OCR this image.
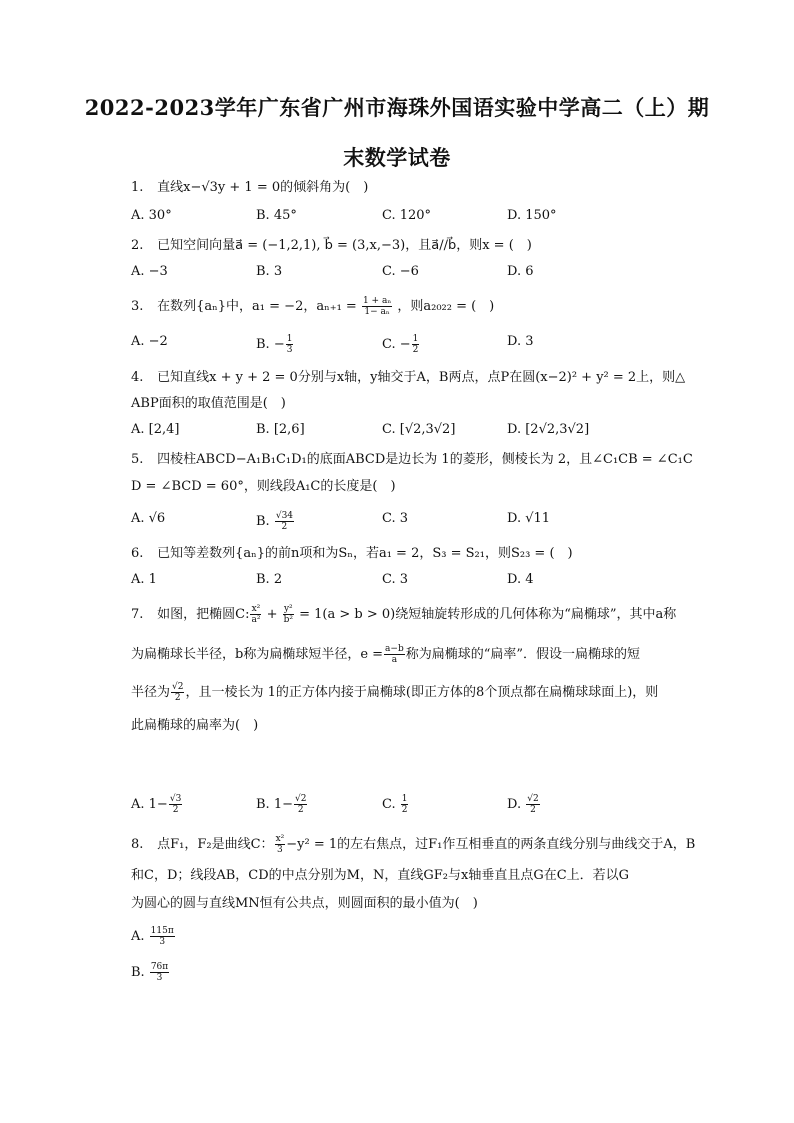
2022-2023学年广东省广州市海珠外国语实验中学高二（上）期
末数学试卷
1. 直线x−√3y + 1 = 0的倾斜角为(　)
A. 30°	B. 45°	C. 120°	D. 150°
2. 已知空间向量a⃗ = (−1,2,1), b⃗ = (3,x,−3)，且a⃗//b⃗，则x = (　)
A. −3	B. 3	C. −6	D. 6
3. 在数列{aₙ}中，a₁ = −2，$a_{n+1} = \frac{\text{1 + aₙ}}{\text{1− aₙ}}$ ，则a₂₀₂₂ = (　)
A. −2	B. − $\frac{1}{3}$	C. − $\frac{1}{2}$	D. 3
4. 已知直线x + y + 2 = 0分别与x轴，y轴交于A，B两点，点P在圆(x−2)² + y² = 2上，则△
ABP面积的取值范围是(　)
A. [2,4]	B. [2,6]	C. [√2,3√2]	D. [2√2,3√2]
5. 四棱柱ABCD−A₁B₁C₁D₁的底面ABCD是边长为 1的菱形，侧棱长为 2，且∠C₁CB = ∠C₁C
D = ∠BCD = 60°，则线段A₁C的长度是(　)
A. √6	B. $\frac{√34}{2}$	C. 3	D. √11
6. 已知等差数列{aₙ}的前n项和为Sₙ，若a₁ = 2，S₃ = S₂₁，则S₂₃ = (　)
A. 1	B. 2	C. 3	D. 4
7. 如图，把椭圆C: $\frac{\text{x²}}{\text{a²}} + \frac{\text{y²}}{\text{b²}} = 1(a > b > 0)$绕短轴旋转形成的几何体称为“扁椭球”，其中a称
为扁椭球长半径，b称为扁椭球短半径，$e = \frac{a-b}{a}$ 称为扁椭球的“扁率”．假设一扁椭球的短
半径为 $\frac{√2}{2}$ ，且一棱长为 1的正方体内接于扁椭球(即正方体的8个顶点都在扁椭球球面上)，则
此扁椭球的扁率为(　)
A. $1- \frac{√3}{2}$	B. $1- \frac{√2}{2}$	C. $\frac{1}{2}$	D. $\frac{√2}{2}$
8. 点F₁，F₂是曲线C： $\frac{\text{x²}}{3} -y^2 = 1$的左右焦点，过F₁作互相垂直的两条直线分别与曲线交于A，B
和C，D；线段AB，CD的中点分别为M，N，直线GF₂与x轴垂直且点G在C上．若以G
为圆心的圆与直线MN恒有公共点，则圆面积的最小值为(　)
A. $\frac{115\pi}{3}$
B. $\frac{76\pi}{3}$
